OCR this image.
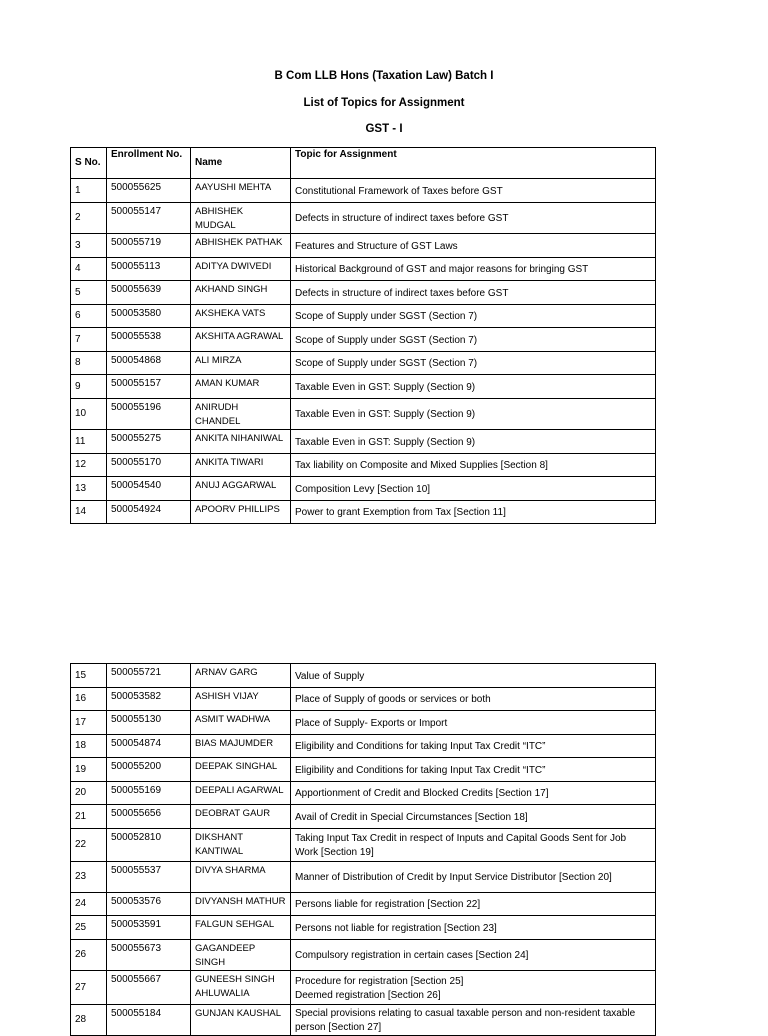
B Com LLB Hons (Taxation Law) Batch I
List of Topics for Assignment
GST - I
S No.	Enrollment No.	Name	Topic for Assignment
1	500055625	AAYUSHI MEHTA	Constitutional Framework of Taxes before GST
2	500055147	ABHISHEK MUDGAL	Defects in structure of indirect taxes before GST
3	500055719	ABHISHEK PATHAK	Features and Structure of GST Laws
4	500055113	ADITYA DWIVEDI	Historical Background of GST and major reasons for bringing GST
5	500055639	AKHAND SINGH	Defects in structure of indirect taxes before GST
6	500053580	AKSHEKA VATS	Scope of Supply under SGST (Section 7)
7	500055538	AKSHITA AGRAWAL	Scope of Supply under SGST (Section 7)
8	500054868	ALI MIRZA	Scope of Supply under SGST (Section 7)
9	500055157	AMAN KUMAR	Taxable Even in GST: Supply (Section 9)
10	500055196	ANIRUDH CHANDEL	Taxable Even in GST: Supply (Section 9)
11	500055275	ANKITA NIHANIWAL	Taxable Even in GST: Supply (Section 9)
12	500055170	ANKITA TIWARI	Tax liability on Composite and Mixed Supplies [Section 8]
13	500054540	ANUJ AGGARWAL	Composition Levy [Section 10]
14	500054924	APOORV PHILLIPS	Power to grant Exemption from Tax [Section 11]
15	500055721	ARNAV GARG	Value of Supply
16	500053582	ASHISH VIJAY	Place of Supply of goods or services or both
17	500055130	ASMIT WADHWA	Place of Supply- Exports or Import
18	500054874	BIAS MAJUMDER	Eligibility and Conditions for taking Input Tax Credit “ITC”
19	500055200	DEEPAK SINGHAL	Eligibility and Conditions for taking Input Tax Credit “ITC”
20	500055169	DEEPALI AGARWAL	Apportionment of Credit and Blocked Credits [Section 17]
21	500055656	DEOBRAT GAUR	Avail of Credit in Special Circumstances [Section 18]
22	500052810	DIKSHANT KANTIWAL	Taking Input Tax Credit in respect of Inputs and Capital Goods Sent for Job Work [Section 19]
23	500055537	DIVYA SHARMA	Manner of Distribution of Credit by Input Service Distributor [Section 20]
24	500053576	DIVYANSH MATHUR	Persons liable for registration [Section 22]
25	500053591	FALGUN SEHGAL	Persons not liable for registration [Section 23]
26	500055673	GAGANDEEP SINGH	Compulsory registration in certain cases [Section 24]
27	500055667	GUNEESH SINGH AHLUWALIA	Procedure for registration [Section 25]
Deemed registration [Section 26]

28	500055184	GUNJAN KAUSHAL	Special provisions relating to casual taxable person and non-resident taxable person [Section 27]
